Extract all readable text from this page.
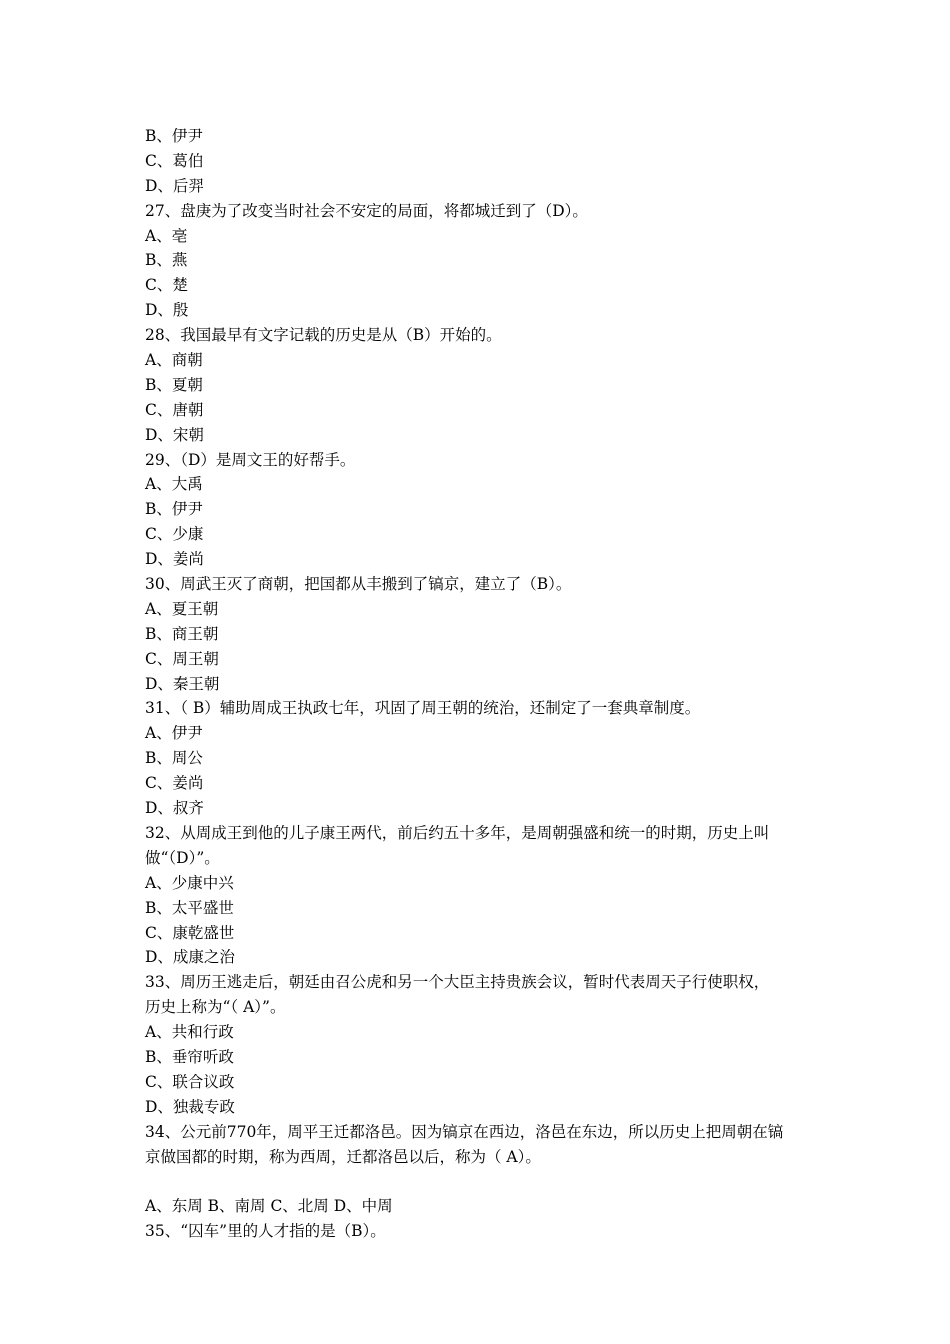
B、伊尹
C、葛伯
D、后羿
27、盘庚为了改变当时社会不安定的局面，将都城迁到了（D）。
A、亳
B、燕
C、楚
D、殷
28、我国最早有文字记载的历史是从（B）开始的。
A、商朝
B、夏朝
C、唐朝
D、宋朝
29、（D）是周文王的好帮手。
A、大禹
B、伊尹
C、少康
D、姜尚
30、周武王灭了商朝，把国都从丰搬到了镐京，建立了（B）。
A、夏王朝
B、商王朝
C、周王朝
D、秦王朝
31、（ B）辅助周成王执政七年，巩固了周王朝的统治，还制定了一套典章制度。
A、伊尹
B、周公
C、姜尚
D、叔齐
32、从周成王到他的儿子康王两代，前后约五十多年，是周朝强盛和统一的时期，历史上叫
做“（D）”。
A、少康中兴
B、太平盛世
C、康乾盛世
D、成康之治
33、周历王逃走后，朝廷由召公虎和另一个大臣主持贵族会议，暂时代表周天子行使职权，
历史上称为“（ A）”。
A、共和行政
B、垂帘听政
C、联合议政
D、独裁专政
34、公元前770年，周平王迁都洛邑。因为镐京在西边，洛邑在东边，所以历史上把周朝在镐
京做国都的时期，称为西周，迁都洛邑以后，称为（ A）。
A、东周 B、南周 C、北周 D、中周
35、“囚车”里的人才指的是（B）。
